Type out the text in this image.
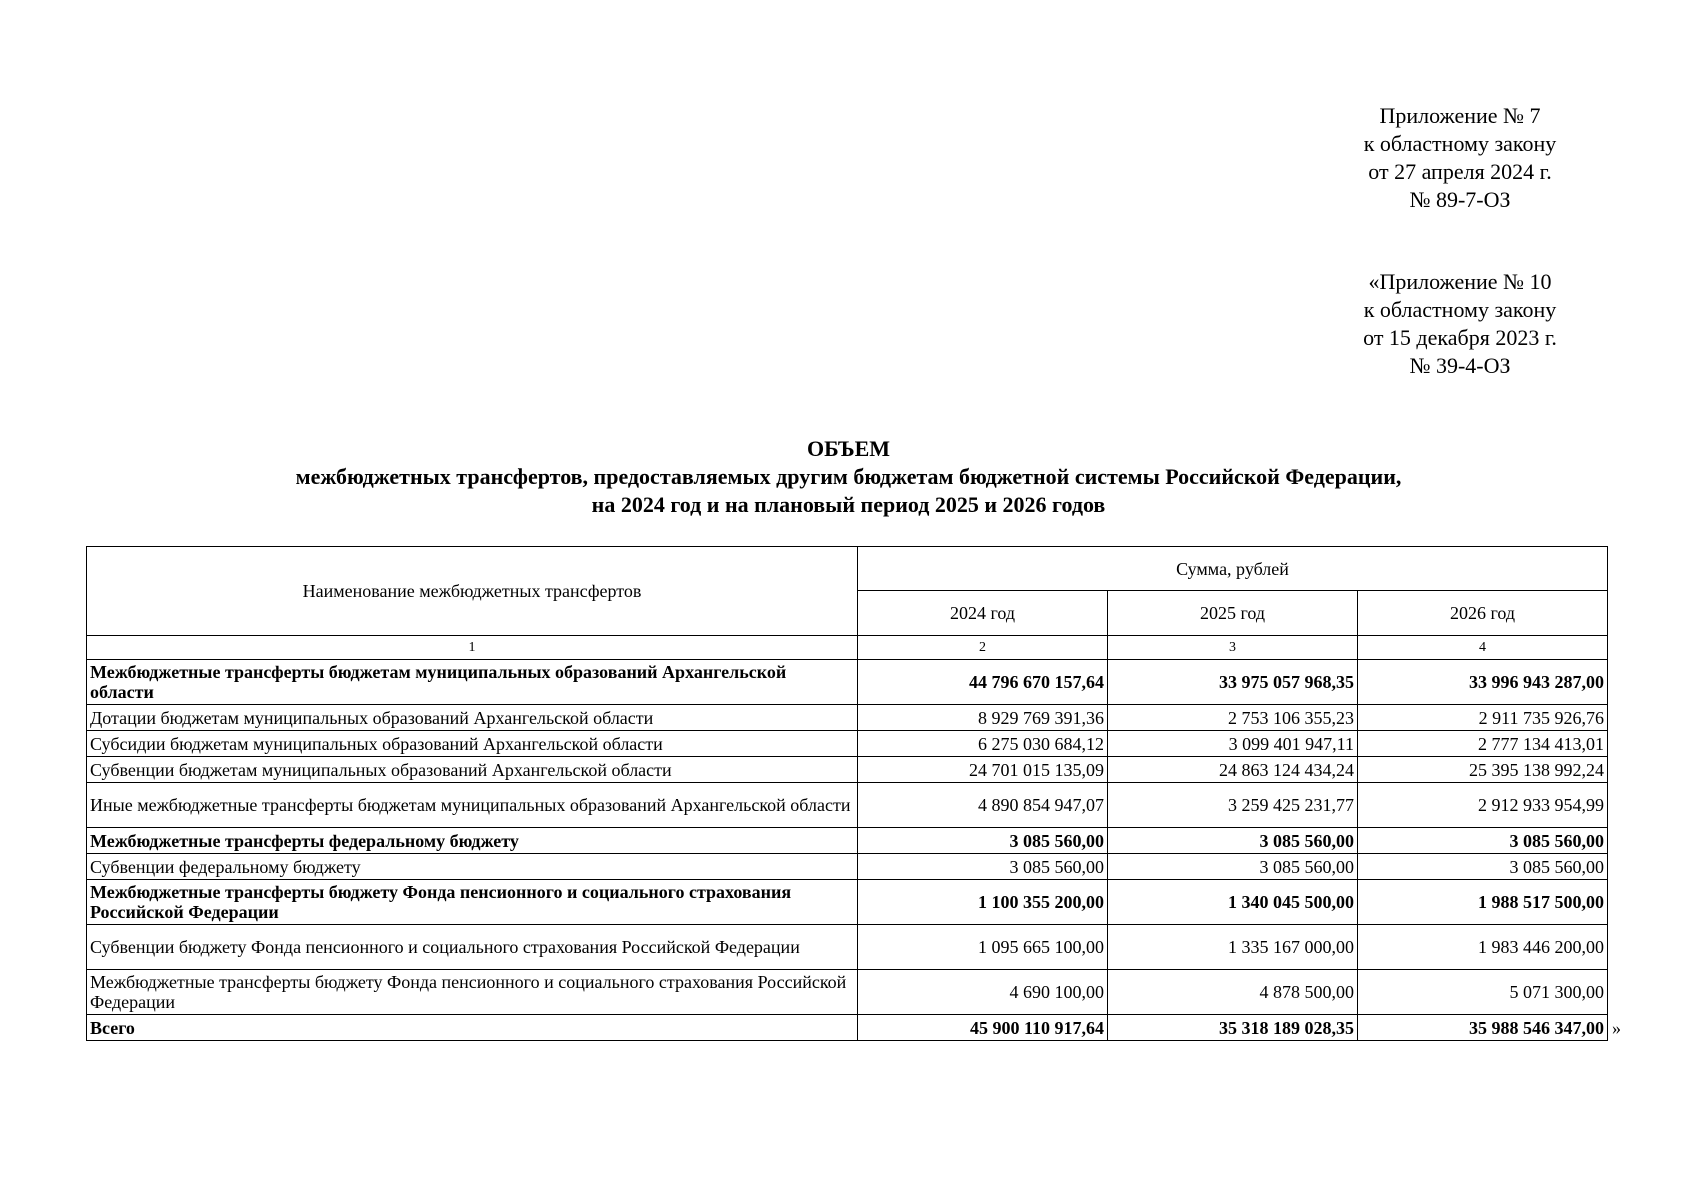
Приложение № 7
к областному закону
от 27 апреля 2024 г.
№ 89-7-ОЗ
«Приложение № 10
к областному закону
от 15 декабря 2023 г.
№ 39-4-ОЗ
ОБЪЕМ
межбюджетных трансфертов, предоставляемых другим бюджетам бюджетной системы Российской Федерации,
на 2024 год и на плановый период 2025 и 2026 годов
Наименование межбюджетных трансфертов	Сумма, рублей		
	2024 год	2025 год	2026 год
1	2	3	4
Межбюджетные трансферты бюджетам муниципальных образований Архангельской области	44 796 670 157,64	33 975 057 968,35	33 996 943 287,00
Дотации бюджетам муниципальных образований Архангельской области	8 929 769 391,36	2 753 106 355,23	2 911 735 926,76
Субсидии бюджетам муниципальных образований Архангельской области	6 275 030 684,12	3 099 401 947,11	2 777 134 413,01
Субвенции бюджетам муниципальных образований Архангельской области	24 701 015 135,09	24 863 124 434,24	25 395 138 992,24
Иные межбюджетные трансферты бюджетам муниципальных образований Архангельской области	4 890 854 947,07	3 259 425 231,77	2 912 933 954,99
Межбюджетные трансферты федеральному бюджету	3 085 560,00	3 085 560,00	3 085 560,00
Субвенции федеральному бюджету	3 085 560,00	3 085 560,00	3 085 560,00
Межбюджетные трансферты бюджету Фонда пенсионного и социального страхования Российской Федерации	1 100 355 200,00	1 340 045 500,00	1 988 517 500,00
Субвенции бюджету Фонда пенсионного и социального страхования Российской Федерации	1 095 665 100,00	1 335 167 000,00	1 983 446 200,00
Межбюджетные трансферты бюджету Фонда пенсионного и социального страхования Российской Федерации	4 690 100,00	4 878 500,00	5 071 300,00
Всего	45 900 110 917,64	35 318 189 028,35	35 988 546 347,00 »
